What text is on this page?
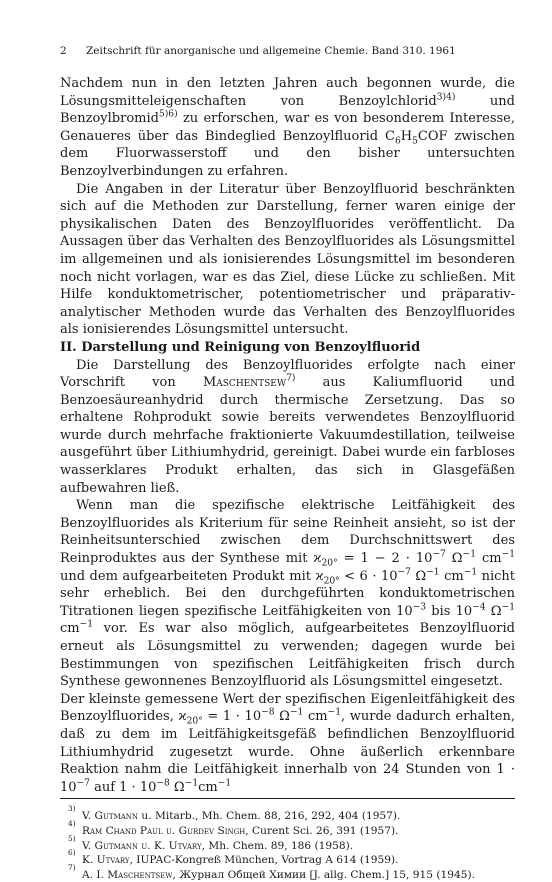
2 Zeitschrift für anorganische und allgemeine Chemie. Band 310. 1961

Nachdem nun in den letzten Jahren auch begonnen wurde, die Lösungsmitteleigenschaften von Benzoylchlorid$^{3)4)}$ und Benzoylbromid$^{5)6)}$ zu erforschen, war es von besonderem Interesse, Genaueres über das Bindeglied Benzoylfluorid $C_6H_5COF$ zwischen dem Fluorwasserstoff und den bisher untersuchten Benzoylverbindungen zu erfahren.

Die Angaben in der Literatur über Benzoylfluorid beschränkten sich auf die Methoden zur Darstellung, ferner waren einige der physikalischen Daten des Benzoylfluorides veröffentlicht. Da Aussagen über das Verhalten des Benzoylfluorides als Lösungsmittel im allgemeinen und als ionisierendes Lösungsmittel im besonderen noch nicht vorlagen, war es das Ziel, diese Lücke zu schließen. Mit Hilfe konduktometrischer, potentiometrischer und präparativ-analytischer Methoden wurde das Verhalten des Benzoylfluorides als ionisierendes Lösungsmittel untersucht.

II. Darstellung und Reinigung von Benzoylfluorid

Die Darstellung des Benzoylfluorides erfolgte nach einer Vorschrift von Maschentsew$^{7)}$ aus Kaliumfluorid und Benzoesäureanhydrid durch thermische Zersetzung. Das so erhaltene Rohprodukt sowie bereits verwendetes Benzoylfluorid wurde durch mehrfache fraktionierte Vakuumdestillation, teilweise ausgeführt über Lithiumhydrid, gereinigt. Dabei wurde ein farbloses wasserklares Produkt erhalten, das sich in Glasgefäßen aufbewahren ließ.

Wenn man die spezifische elektrische Leitfähigkeit des Benzoylfluorides als Kriterium für seine Reinheit ansieht, so ist der Reinheitsunterschied zwischen dem Durchschnittswert des Reinproduktes aus der Synthese mit $ϰ_{20^\circ} = 1 - 2 \cdot 10^{-7}$ $\Omega^{-1}$ $cm^{-1}$ und dem aufgearbeiteten Produkt mit $ϰ_{20^\circ} < 6 \cdot 10^{-7}$ $\Omega^{-1}$ $cm^{-1}$ nicht sehr erheblich. Bei den durchgeführten konduktometrischen Titrationen liegen spezifische Leitfähigkeiten von $10^{-3}$ bis $10^{-4}$ $\Omega^{-1}$ $cm^{-1}$ vor. Es war also möglich, aufgearbeitetes Benzoylfluorid erneut als Lösungsmittel zu verwenden; dagegen wurde bei Bestimmungen von spezifischen Leitfähigkeiten frisch durch Synthese gewonnenes Benzoylfluorid als Lösungsmittel eingesetzt.

Der kleinste gemessene Wert der spezifischen Eigenleitfähigkeit des Benzoylfluorides, $ϰ_{20^\circ} = 1 \cdot 10^{-8}$ $\Omega^{-1}$ $cm^{-1}$, wurde dadurch erhalten, daß zu dem im Leitfähigkeitsgefäß befindlichen Benzoylfluorid Lithiumhydrid zugesetzt wurde. Ohne äußerlich erkennbare Reaktion nahm die Leitfähigkeit innerhalb von 24 Stunden von $1 \cdot 10^{-7}$ auf $1 \cdot 10^{-8}$ $\Omega^{-1}cm^{-1}$

3)
V. Gutmann u. Mitarb., Mh. Chem. 88, 216, 292, 404 (1957).
4)
Ram Chand Paul u. Gurdev Singh, Curent Sci. 26, 391 (1957).
5)
V. Gutmann u. K. Utvary, Mh. Chem. 89, 186 (1958).
6)
K. Utvary, IUPAC-Kongreß München, Vortrag A 614 (1959).
7)
A. I. Maschentsew, Журнал Общей Химии [J. allg. Chem.] 15, 915 (1945).
